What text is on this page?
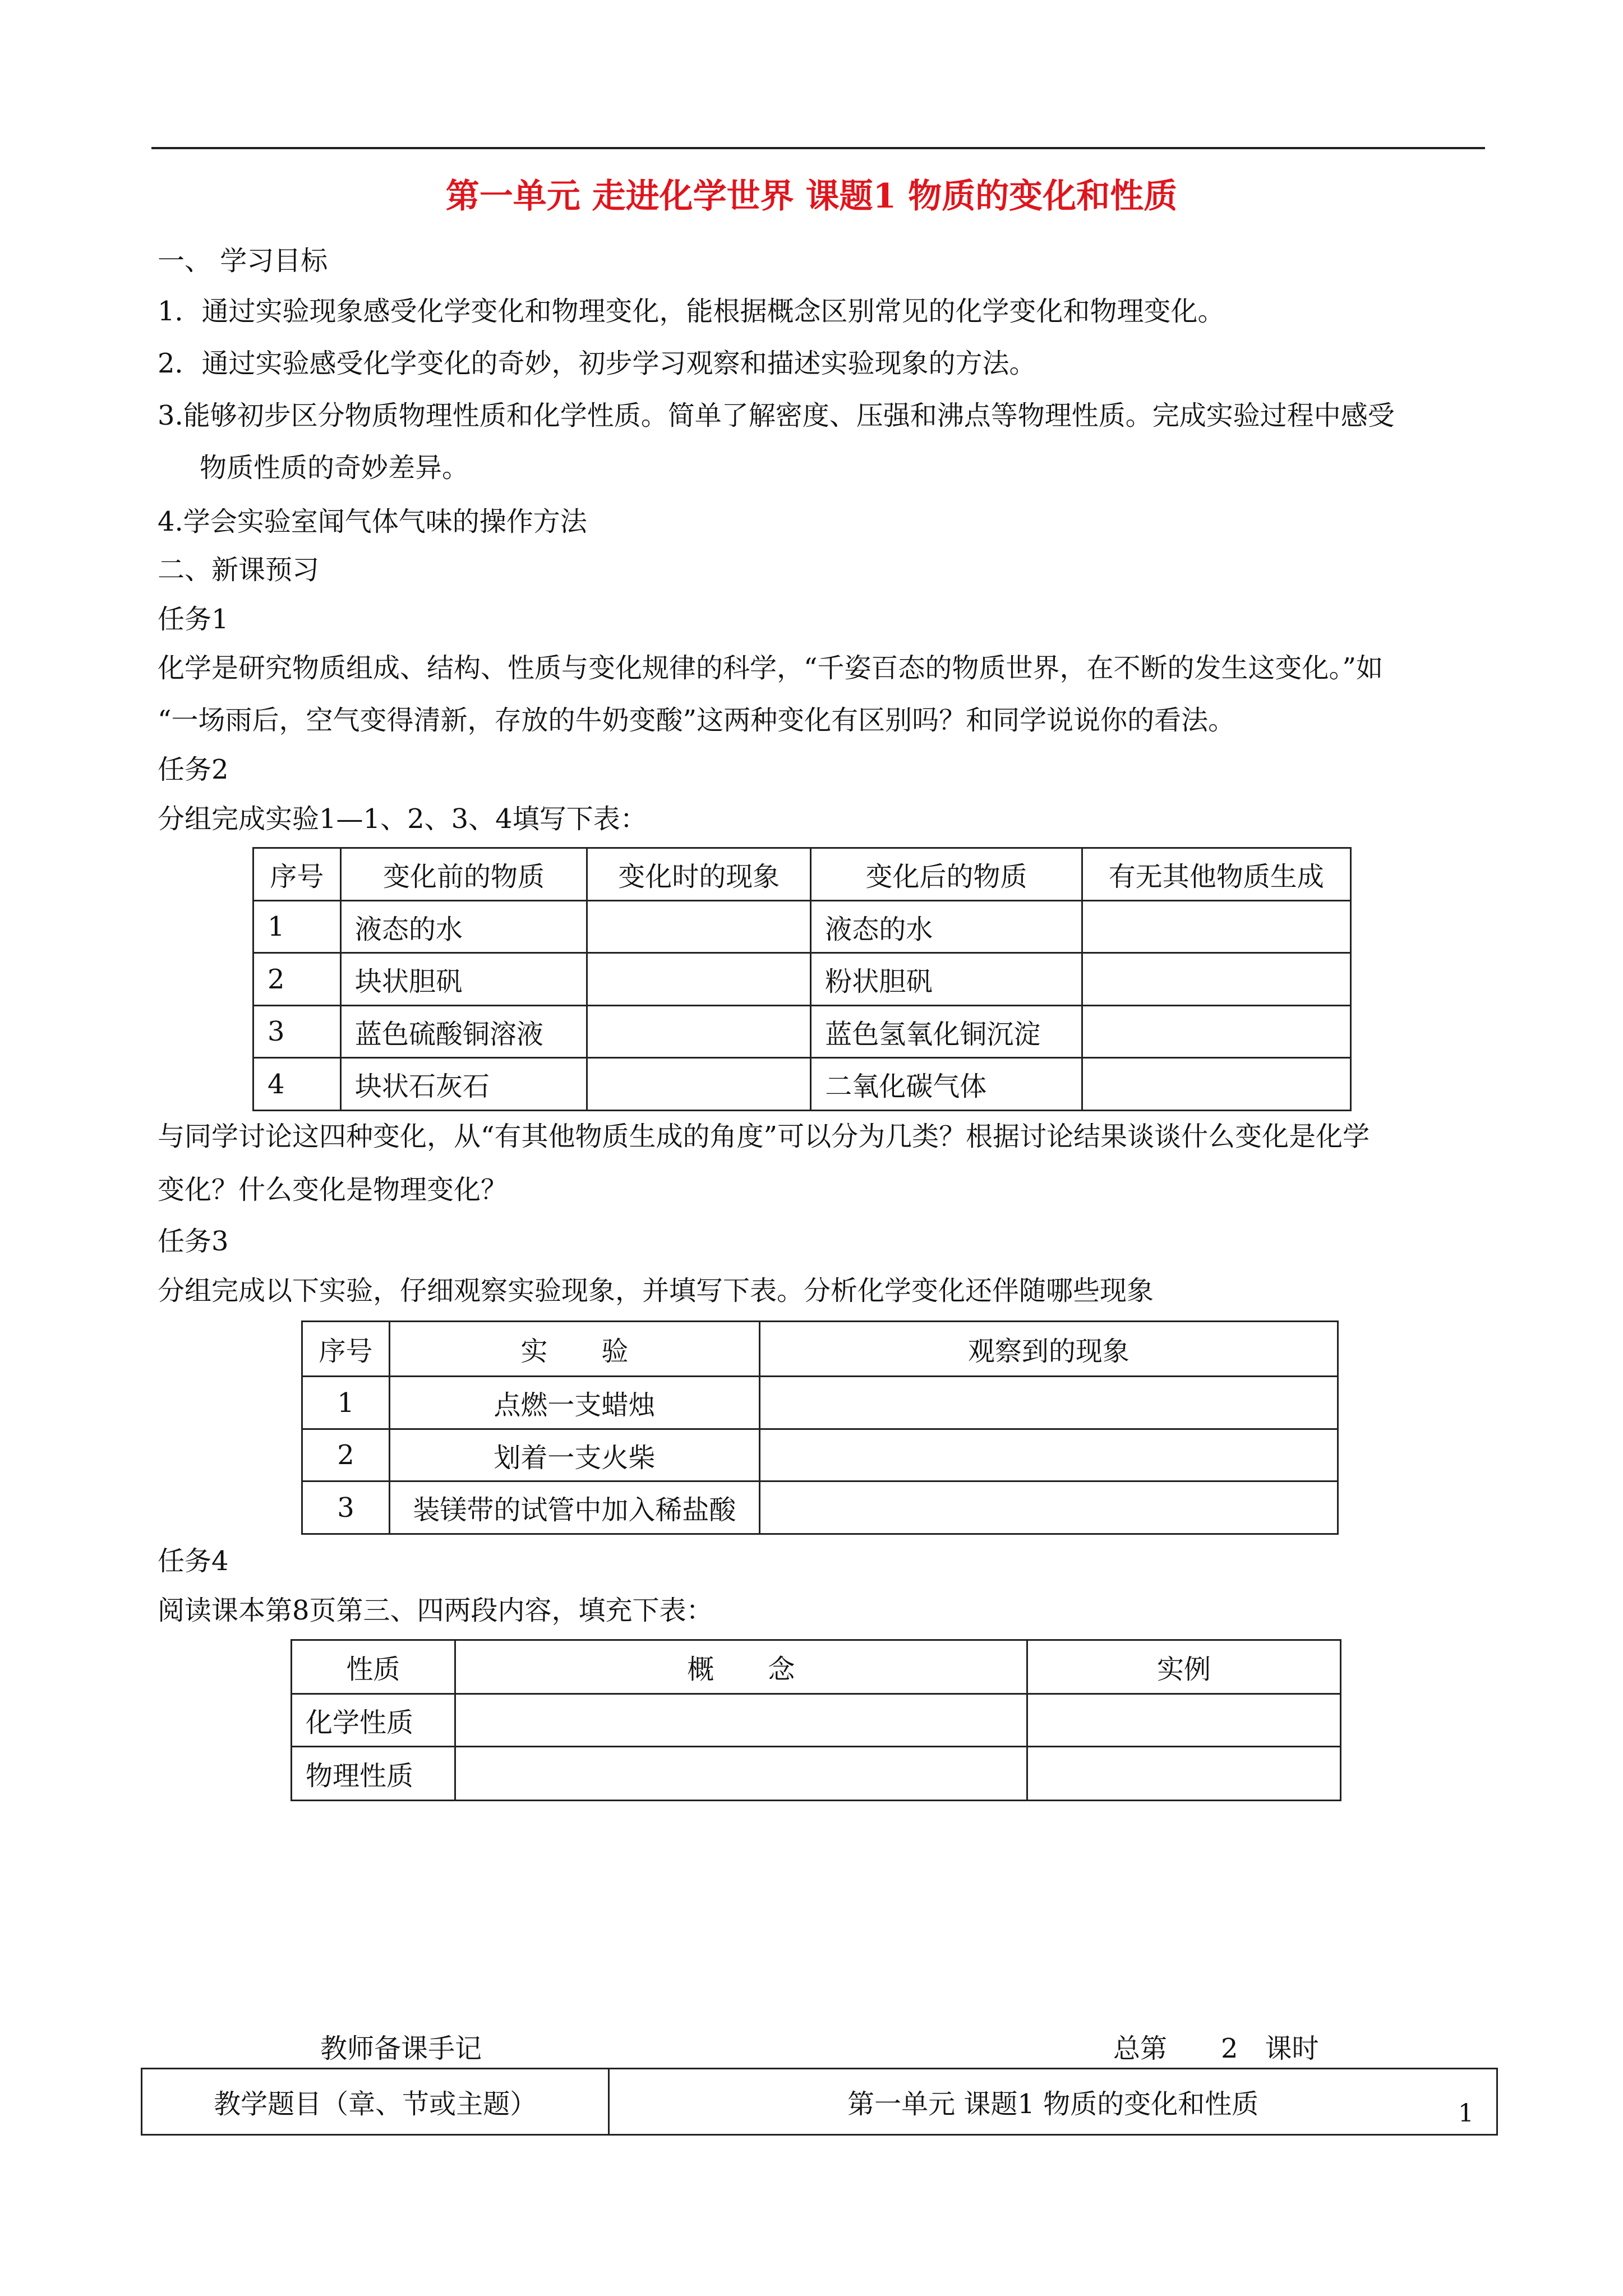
第一单元 走进化学世界 课题1 物质的变化和性质
一、 学习目标
1．通过实验现象感受化学变化和物理变化，能根据概念区别常见的化学变化和物理变化。
2．通过实验感受化学变化的奇妙，初步学习观察和描述实验现象的方法。
3.能够初步区分物质物理性质和化学性质。简单了解密度、压强和沸点等物理性质。完成实验过程中感受
物质性质的奇妙差异。
4.学会实验室闻气体气味的操作方法
二、新课预习
任务1
化学是研究物质组成、结构、性质与变化规律的科学，“千姿百态的物质世界，在不断的发生这变化。”如
“一场雨后，空气变得清新，存放的牛奶变酸”这两种变化有区别吗？和同学说说你的看法。
任务2
分组完成实验1—1、2、3、4填写下表：
序号	变化前的物质	变化时的现象	变化后的物质	有无其他物质生成
1	液态的水		液态的水	
2	块状胆矾		粉状胆矾	
3	蓝色硫酸铜溶液		蓝色氢氧化铜沉淀	
4	块状石灰石		二氧化碳气体	
与同学讨论这四种变化，从“有其他物质生成的角度”可以分为几类？根据讨论结果谈谈什么变化是化学
变化？什么变化是物理变化？
任务3
分组完成以下实验，仔细观察实验现象，并填写下表。分析化学变化还伴随哪些现象
序号	实　　验	观察到的现象
1	点燃一支蜡烛	
2	划着一支火柴	
3	装镁带的试管中加入稀盐酸	
任务4
阅读课本第8页第三、四两段内容，填充下表：
性质	概　　念	实例
化学性质		
物理性质		
教师备课手记	总第　　2　课时
教学题目（章、节或主题）	第一单元 课题1 物质的变化和性质	1
